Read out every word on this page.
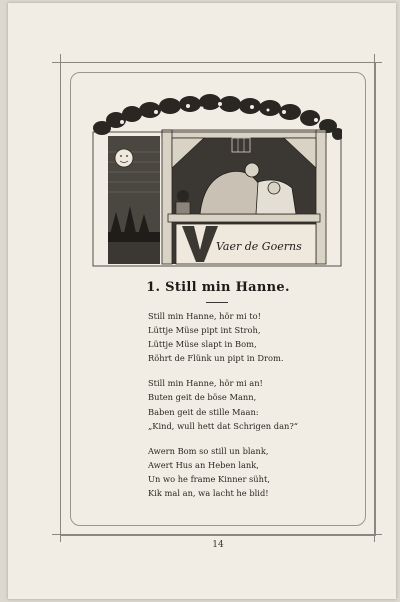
Vaer de Goerns
1. Still min Hanne.
Still min Hanne, hör mi to!
Lüttje Müse pipt int Stroh,
Lüttje Müse slapt in Bom,
Röhrt de Flünk un pipt in Drom.
Still min Hanne, hör mi an!
Buten geit de böse Mann,
Baben geit de stille Maan:
„Kind, wull hett dat Schrigen dan?“
Awern Bom so still un blank,
Awert Hus an Heben lank,
Un wo he frame Kinner süht,
Kik mal an, wa lacht he blid!
14
